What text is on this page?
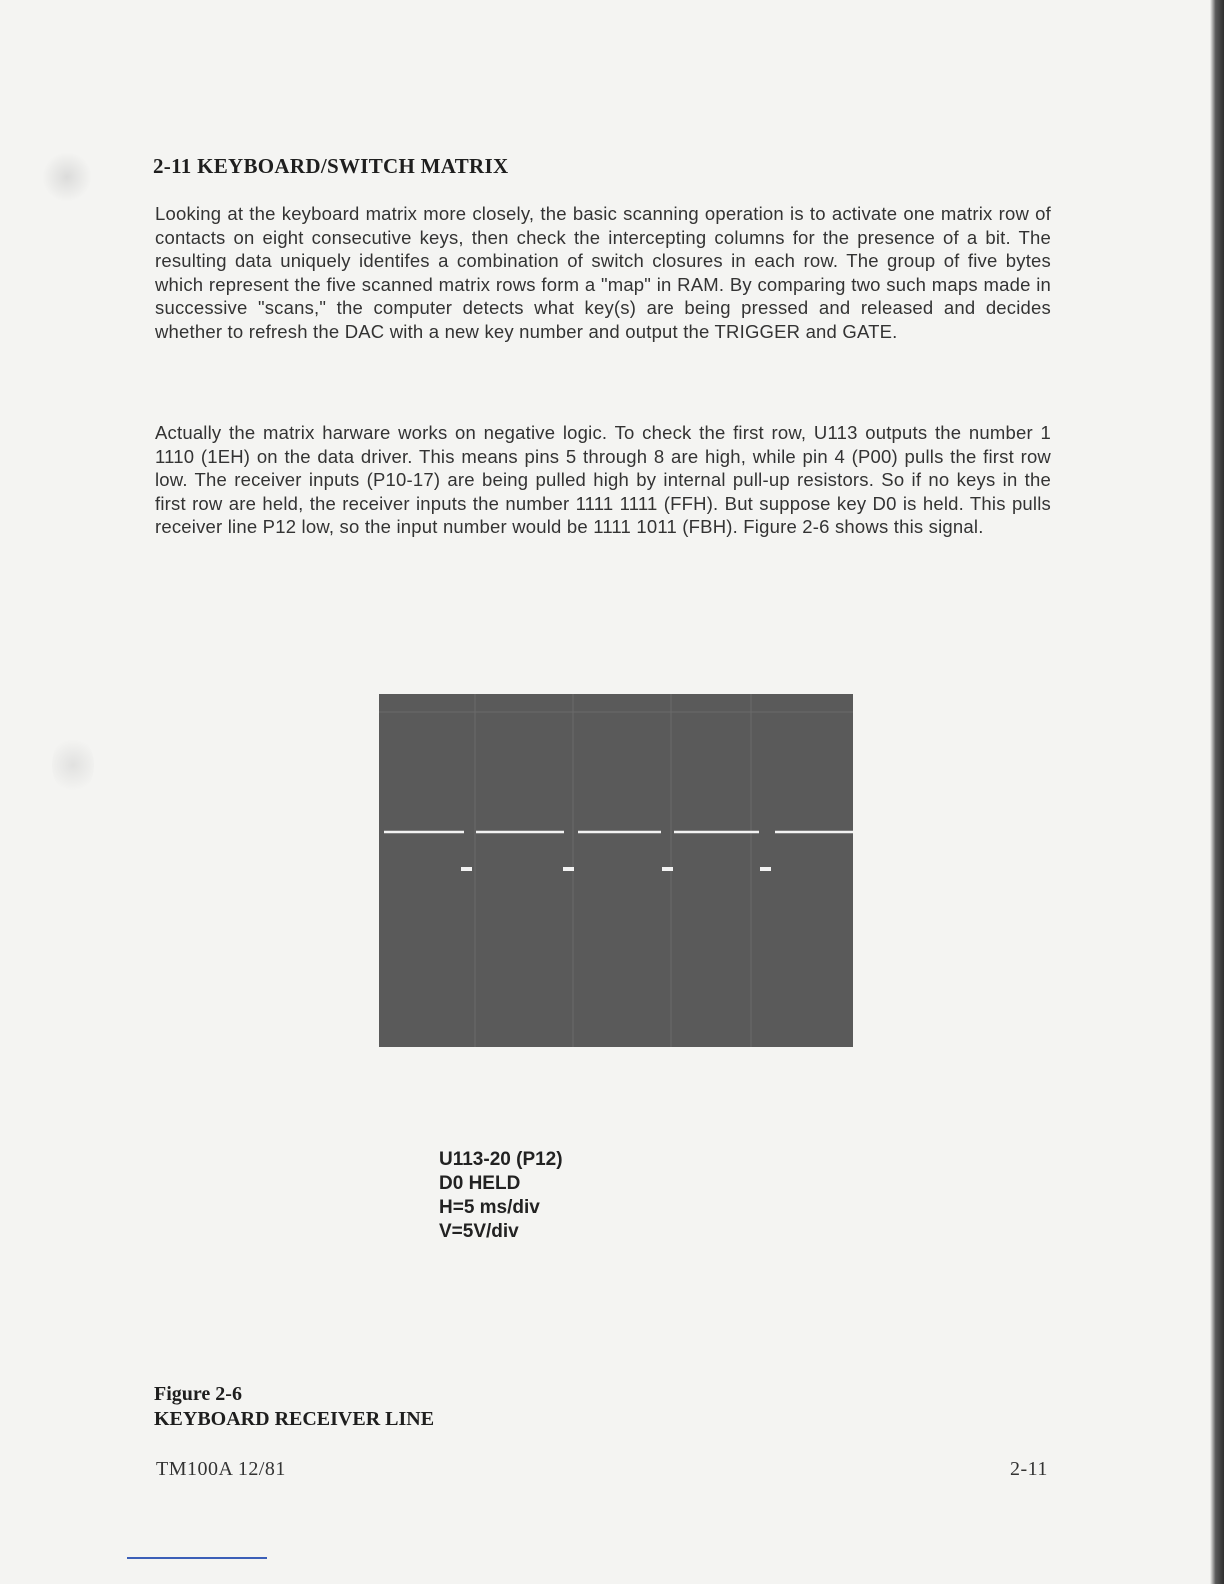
2-11 KEYBOARD/SWITCH MATRIX

Looking at the keyboard matrix more closely, the basic scanning operation is to activate one matrix row of contacts on eight consecutive keys, then check the intercepting columns for the presence of a bit. The resulting data uniquely identifes a combination of switch closures in each row. The group of five bytes which represent the five scanned matrix rows form a "map" in RAM. By comparing two such maps made in successive "scans," the computer detects what key(s) are being pressed and released and decides whether to refresh the DAC with a new key number and output the TRIGGER and GATE.

Actually the matrix harware works on negative logic. To check the first row, U113 outputs the number 1 1110 (1EH) on the data driver. This means pins 5 through 8 are high, while pin 4 (P00) pulls the first row low. The receiver inputs (P10-17) are being pulled high by internal pull-up resistors. So if no keys in the first row are held, the receiver inputs the number 1111 1111 (FFH). But suppose key D0 is held. This pulls receiver line P12 low, so the input number would be 1111 1011 (FBH). Figure 2-6 shows this signal.

U113-20 (P12)
D0 HELD
H=5 ms/div
V=5V/div
Figure 2-6
KEYBOARD RECEIVER LINE
TM100A 12/81	2-11
